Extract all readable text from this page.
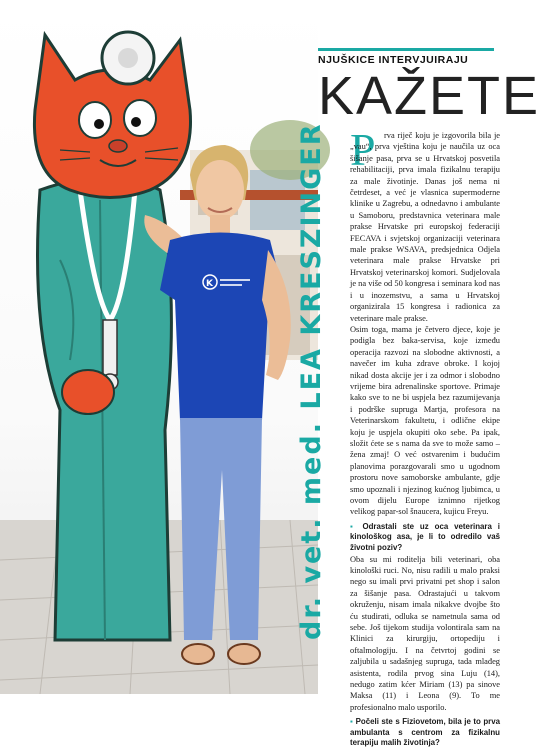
K
dr. vet. med. LEA KRESZINGER
NJUŠKICE INTERVJUIRAJU
KAŽETE
P	rva riječ koju je izgovorila bila je „vau“, prva vještina koju je naučila uz oca šišanje pasa, prva se u Hrvatskoj posvetila rehabilitaciji, prva imala fizikalnu terapiju za male životinje. Danas još nema ni četrdeset, a već je vlasnica supermoderne klinike u Zagrebu, a odnedavno i ambulante u Samoboru, predstavnica veterinara male prakse Hrvatske pri europskoj federaciji FECAVA i svjetskoj organizaciji veterinara male prakse WSAVA, predsjednica Odjela veterinara male prakse Hrvatske pri Hrvatskoj veterinarskoj komori. Sudjelovala je na više od 50 kongresa i seminara kod nas i u inozemstvu, a sama u Hrvatskoj organizirala 15 kongresa i radionica za veterinare male prakse.

Osim toga, mama je četvero djece, koje je podigla bez baka-servisa, koje između operacija razvozi na slobodne aktivnosti, a navečer im kuha zdrave obroke. I kojoj nikad dosta akcije jer i za odmor i slobodno vrijeme bira adrenalinske sportove. Primaje kako sve to ne bi uspjela bez razumijevanja i podrške supruga Martja, profesora na Veterinarskom fakultetu, i odlične ekipe koju je uspjela okupiti oko sebe. Pa ipak, složit ćete se s nama da sve to može samo – žena zmaj! O već ostvarenim i budućim planovima porazgovarali smo u ugodnom prostoru nove samoborske ambulante, gdje smo upoznali i njezinog kućnog ljubimca, u ovom dijelu Europe iznimno rijetkog velikog papar-sol šnaucera, kujicu Freyu.

▪ Odrastali ste uz oca veterinara i kinološkog asa, je li to odredilo vaš životni poziv?

Oba su mi roditelja bili veterinari, oba kinološki ruci. No, nisu radili u malo praksi nego su imali prvi privatni pet shop i salon za šišanje pasa. Odrastajući u takvom okruženju, nisam imala nikakve dvojbe što ću studirati, odluka se nametnula sama od sebe. Još tijekom studija volontirala sam na Klinici za kirurgiju, ortopediju i oftalmologiju. I na četvrtoj godini se zaljubila u sadašnjeg supruga, tada mlađeg asistenta, rodila prvog sina Luju (14), nedugo zatim kćer Miriam (13) pa sinove Maksa (11) i Leona (9). To me profesionalno malo usporilo.

▪ Počeli ste s Fiziovetom, bila je to prva ambulanta s centrom za fizikalnu terapiju malih životinja?
